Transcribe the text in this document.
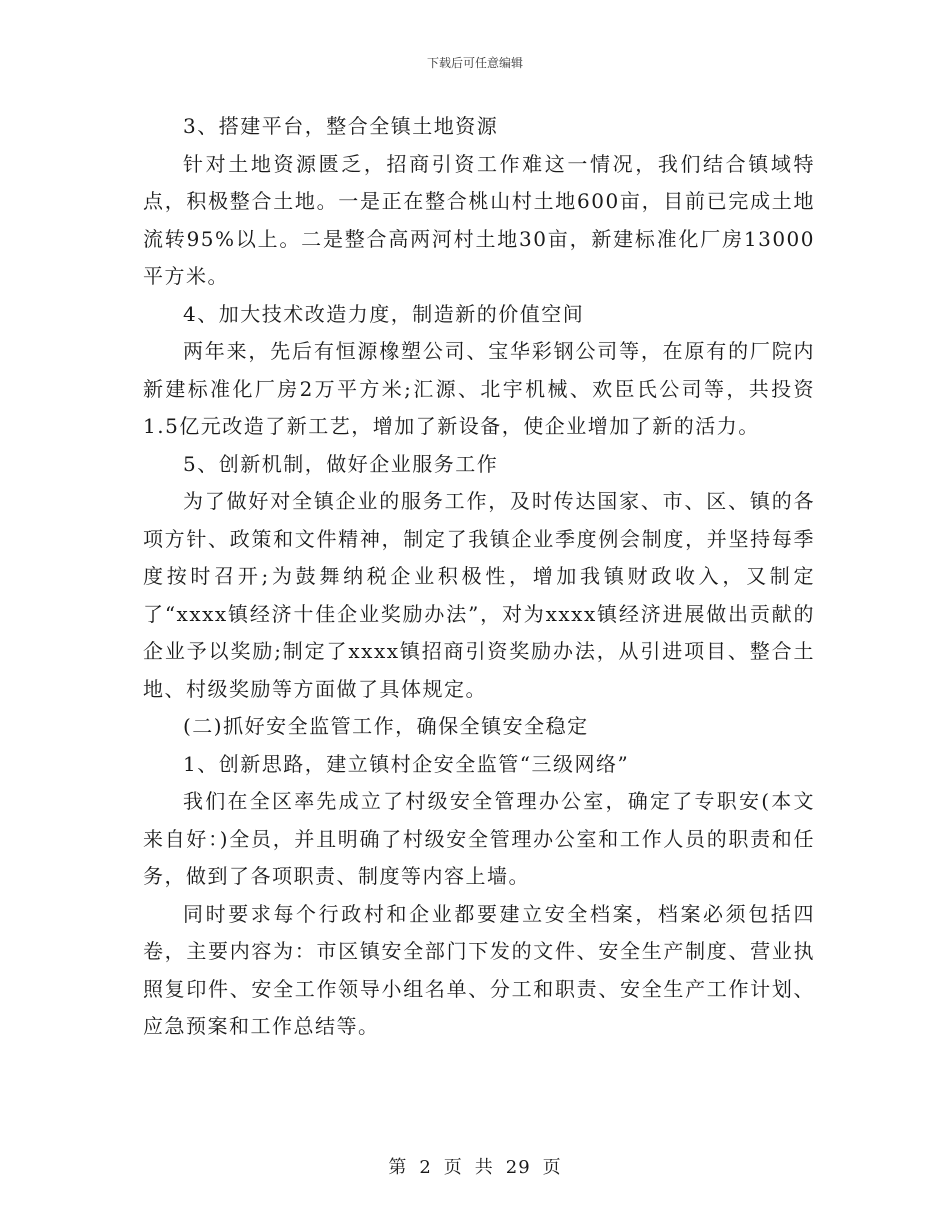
下载后可任意编辑

3、搭建平台，整合全镇土地资源

针对土地资源匮乏，招商引资工作难这一情况，我们结合镇域特点，积极整合土地。一是正在整合桃山村土地600亩，目前已完成土地流转95%以上。二是整合高两河村土地30亩，新建标准化厂房13000平方米。

4、加大技术改造力度，制造新的价值空间

两年来，先后有恒源橡塑公司、宝华彩钢公司等，在原有的厂院内新建标准化厂房2万平方米;汇源、北宇机械、欢臣氏公司等，共投资1.5亿元改造了新工艺，增加了新设备，使企业增加了新的活力。

5、创新机制，做好企业服务工作

为了做好对全镇企业的服务工作，及时传达国家、市、区、镇的各项方针、政策和文件精神，制定了我镇企业季度例会制度，并坚持每季度按时召开;为鼓舞纳税企业积极性，增加我镇财政收入，又制定了“xxxx镇经济十佳企业奖励办法”，对为xxxx镇经济进展做出贡献的企业予以奖励;制定了xxxx镇招商引资奖励办法，从引进项目、整合土地、村级奖励等方面做了具体规定。

(二)抓好安全监管工作，确保全镇安全稳定

1、创新思路，建立镇村企安全监管“三级网络”

我们在全区率先成立了村级安全管理办公室，确定了专职安(本文来自好：)全员，并且明确了村级安全管理办公室和工作人员的职责和任务，做到了各项职责、制度等内容上墙。

同时要求每个行政村和企业都要建立安全档案，档案必须包括四卷，主要内容为：市区镇安全部门下发的文件、安全生产制度、营业执照复印件、安全工作领导小组名单、分工和职责、安全生产工作计划、应急预案和工作总结等。

第 2 页 共 29 页
